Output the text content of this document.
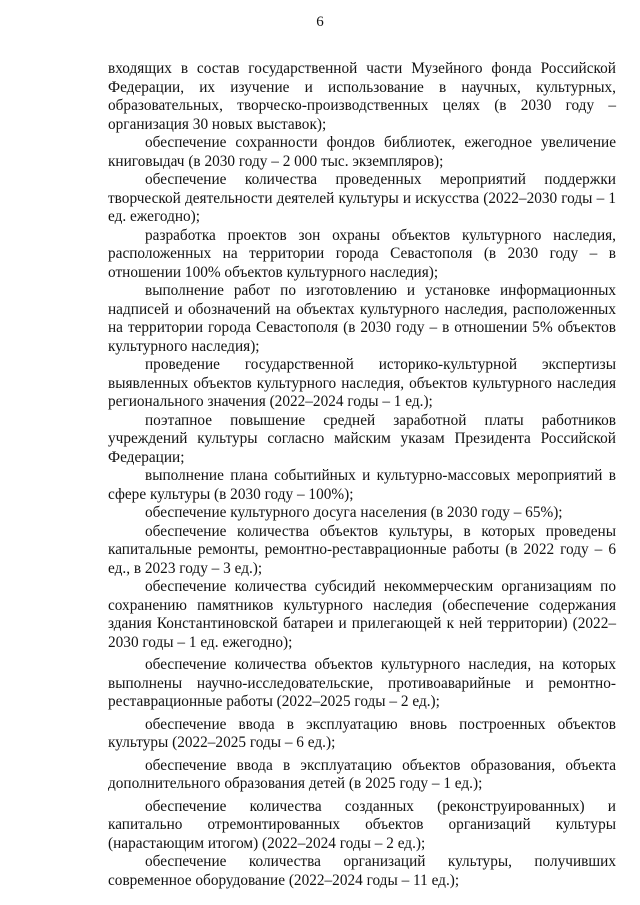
6

входящих в состав государственной части Музейного фонда Российской Федерации, их изучение и использование в научных, культурных, образовательных, творческо-производственных целях (в 2030 году – организация 30 новых выставок);

обеспечение сохранности фондов библиотек, ежегодное увеличение книговыдач (в 2030 году – 2 000 тыс. экземпляров);

обеспечение количества проведенных мероприятий поддержки творческой деятельности деятелей культуры и искусства (2022–2030 годы – 1 ед. ежегодно);

разработка проектов зон охраны объектов культурного наследия, расположенных на территории города Севастополя (в 2030 году – в отношении 100% объектов культурного наследия);

выполнение работ по изготовлению и установке информационных надписей и обозначений на объектах культурного наследия, расположенных на территории города Севастополя (в 2030 году – в отношении 5% объектов культурного наследия);

проведение государственной историко-культурной экспертизы выявленных объектов культурного наследия, объектов культурного наследия регионального значения (2022–2024 годы – 1 ед.);

поэтапное повышение средней заработной платы работников учреждений культуры согласно майским указам Президента Российской Федерации;

выполнение плана событийных и культурно-массовых мероприятий в сфере культуры (в 2030 году – 100%);

обеспечение культурного досуга населения (в 2030 году – 65%);

обеспечение количества объектов культуры, в которых проведены капитальные ремонты, ремонтно-реставрационные работы (в 2022 году – 6 ед., в 2023 году – 3 ед.);

обеспечение количества субсидий некоммерческим организациям по сохранению памятников культурного наследия (обеспечение содержания здания Константиновской батареи и прилегающей к ней территории) (2022–2030 годы – 1 ед. ежегодно);

обеспечение количества объектов культурного наследия, на которых выполнены научно-исследовательские, противоаварийные и ремонтно-реставрационные работы (2022–2025 годы – 2 ед.);

обеспечение ввода в эксплуатацию вновь построенных объектов культуры (2022–2025 годы – 6 ед.);

обеспечение ввода в эксплуатацию объектов образования, объекта дополнительного образования детей (в 2025 году – 1 ед.);

обеспечение количества созданных (реконструированных) и капитально отремонтированных объектов организаций культуры (нарастающим итогом) (2022–2024 годы – 2 ед.);

обеспечение количества организаций культуры, получивших современное оборудование (2022–2024 годы – 11 ед.);
